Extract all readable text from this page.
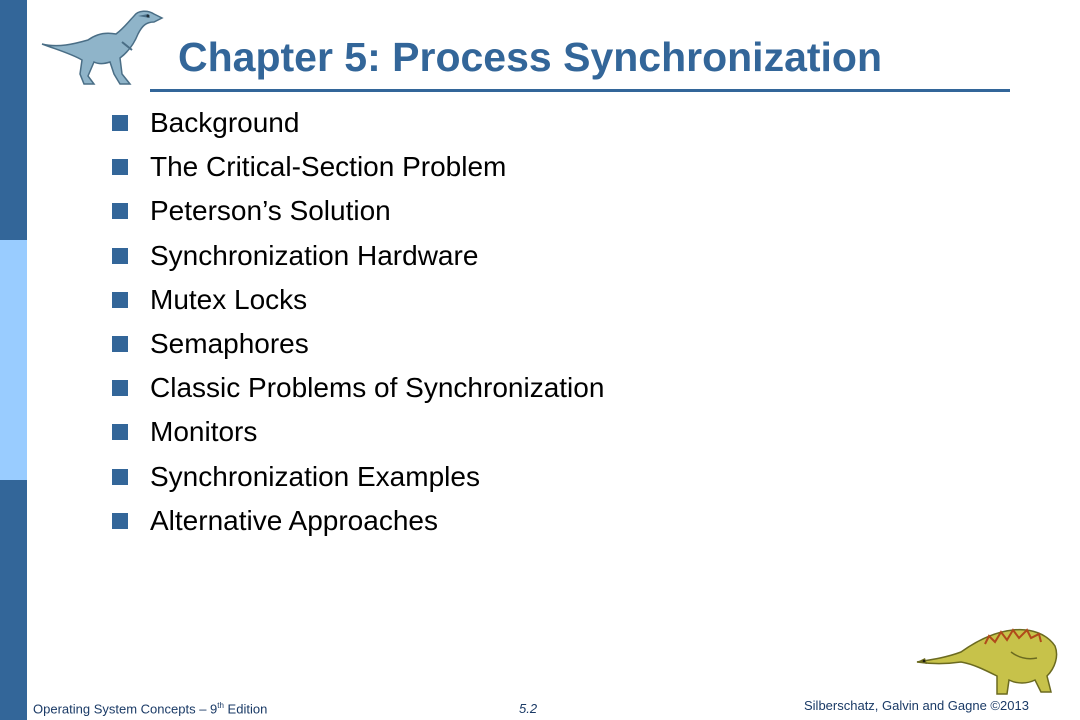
Chapter 5: Process Synchronization
Background
The Critical-Section Problem
Peterson’s Solution
Synchronization Hardware
Mutex Locks
Semaphores
Classic Problems of Synchronization
Monitors
Synchronization Examples
Alternative Approaches
Operating System Concepts – 9th Edition	5.2	Silberschatz, Galvin and Gagne ©2013
